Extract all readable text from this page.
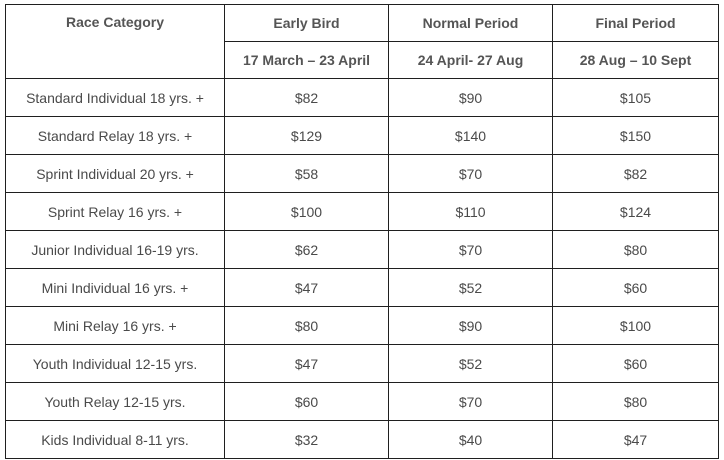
Race Category	Early Bird	Normal Period	Final Period
	17 March – 23 April	24 April- 27 Aug	28 Aug – 10 Sept
Standard Individual 18 yrs. +	$82	$90	$105
Standard Relay 18 yrs. +	$129	$140	$150
Sprint Individual 20 yrs. +	$58	$70	$82
Sprint Relay 16 yrs. +	$100	$110	$124
Junior Individual 16-19 yrs.	$62	$70	$80
Mini Individual 16 yrs. +	$47	$52	$60
Mini Relay 16 yrs. +	$80	$90	$100
Youth Individual 12-15 yrs.	$47	$52	$60
Youth Relay 12-15 yrs.	$60	$70	$80
Kids Individual 8-11 yrs.	$32	$40	$47
